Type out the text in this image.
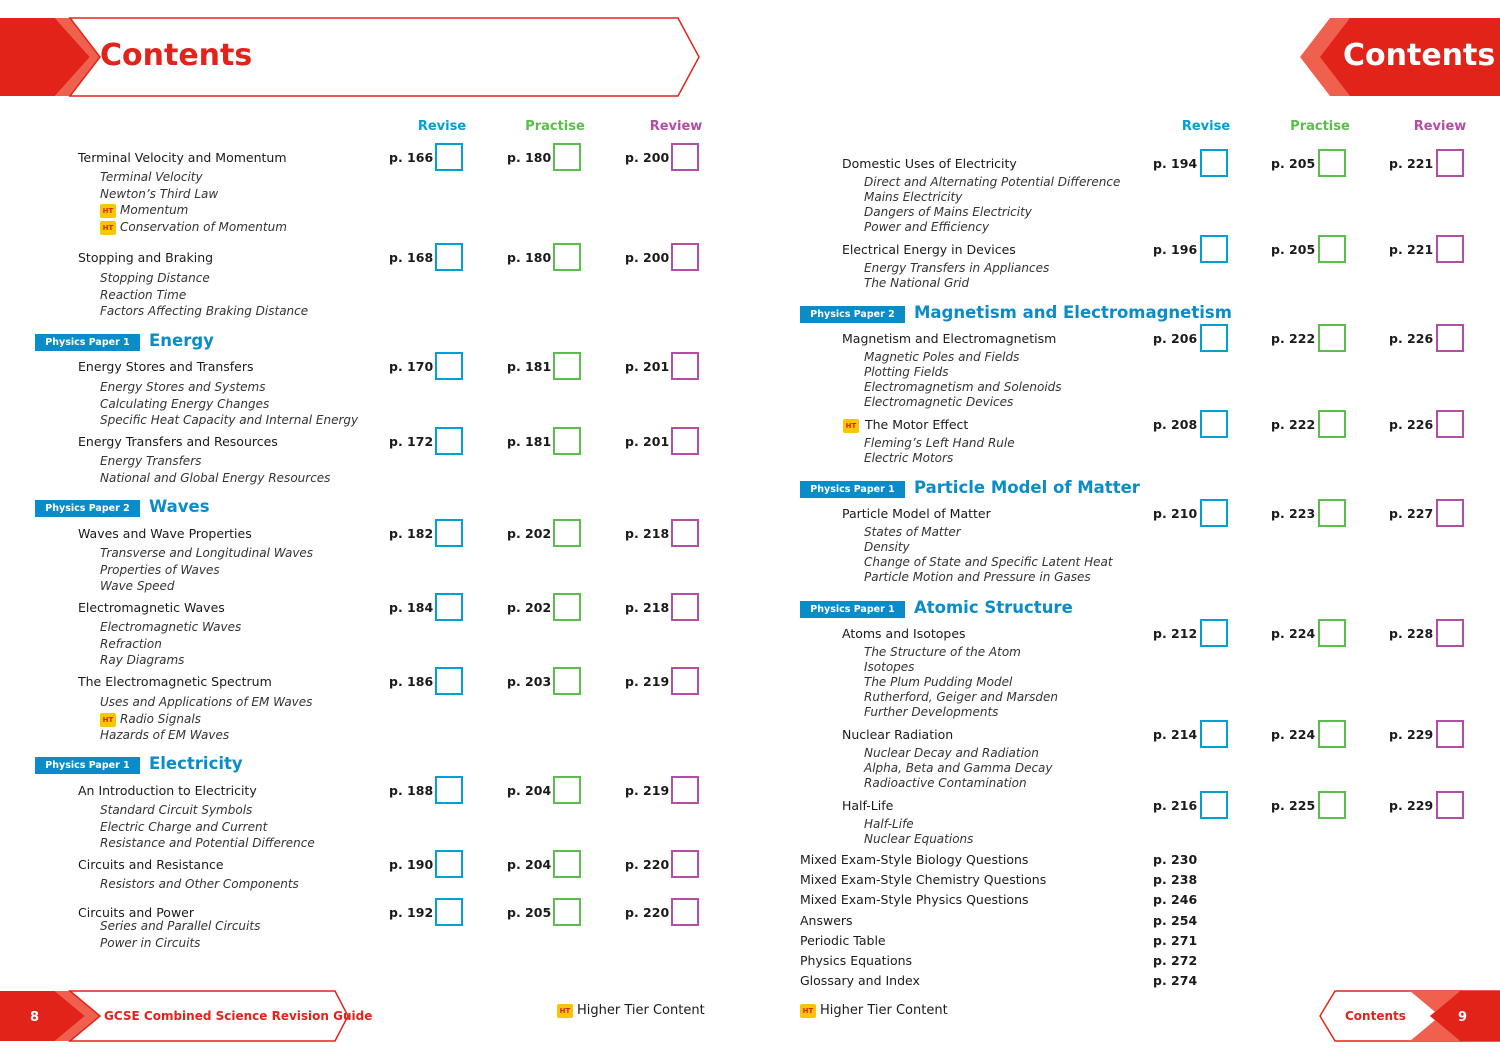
Contents	Contents
Revise	Practise	Review	Revise	Practise	Review
Physics Paper 1	Energy
Physics Paper 2	Waves
Physics Paper 1	Electricity
Physics Paper 2	Magnetism and Electromagnetism
Physics Paper 1	Particle Model of Matter
Physics Paper 1	Atomic Structure
Terminal Velocity and Momentum	p. 166	p. 180	p. 200
Terminal Velocity
Newton’s Third Law
HT Momentum
HT Conservation of Momentum
Stopping and Braking	p. 168	p. 180	p. 200
Stopping Distance
Reaction Time
Factors Affecting Braking Distance
Energy Stores and Transfers	p. 170	p. 181	p. 201
Energy Stores and Systems
Calculating Energy Changes
Specific Heat Capacity and Internal Energy
Energy Transfers and Resources	p. 172	p. 181	p. 201
Energy Transfers
National and Global Energy Resources
Waves and Wave Properties	p. 182	p. 202	p. 218
Transverse and Longitudinal Waves
Properties of Waves
Wave Speed
Electromagnetic Waves	p. 184	p. 202	p. 218
Electromagnetic Waves
Refraction
Ray Diagrams
The Electromagnetic Spectrum	p. 186	p. 203	p. 219
Uses and Applications of EM Waves
HT Radio Signals
Hazards of EM Waves
An Introduction to Electricity	p. 188	p. 204	p. 219
Standard Circuit Symbols
Electric Charge and Current
Resistance and Potential Difference
Circuits and Resistance	p. 190	p. 204	p. 220
Resistors and Other Components
Circuits and Power	p. 192	p. 205	p. 220
Series and Parallel Circuits
Power in Circuits
Domestic Uses of Electricity	p. 194	p. 205	p. 221
Direct and Alternating Potential Difference
Mains Electricity
Dangers of Mains Electricity
Power and Efficiency
Electrical Energy in Devices	p. 196	p. 205	p. 221
Energy Transfers in Appliances
The National Grid
Magnetism and Electromagnetism	p. 206	p. 222	p. 226
Magnetic Poles and Fields
Plotting Fields
Electromagnetism and Solenoids
Electromagnetic Devices
HT The Motor Effect	p. 208	p. 222	p. 226
Fleming’s Left Hand Rule
Electric Motors
Particle Model of Matter	p. 210	p. 223	p. 227
States of Matter
Density
Change of State and Specific Latent Heat
Particle Motion and Pressure in Gases
Atoms and Isotopes	p. 212	p. 224	p. 228
The Structure of the Atom
Isotopes
The Plum Pudding Model
Rutherford, Geiger and Marsden
Further Developments
Nuclear Radiation	p. 214	p. 224	p. 229
Nuclear Decay and Radiation
Alpha, Beta and Gamma Decay
Radioactive Contamination
Half-Life	p. 216	p. 225	p. 229
Half-Life
Nuclear Equations
Mixed Exam-Style Biology Questions	p. 230
Mixed Exam-Style Chemistry Questions	p. 238
Mixed Exam-Style Physics Questions	p. 246
Answers	p. 254
Periodic Table	p. 271
Physics Equations	p. 272
Glossary and Index	p. 274
8	GCSE Combined Science Revision Guide	Contents	9
HT Higher Tier Content	HT Higher Tier Content
